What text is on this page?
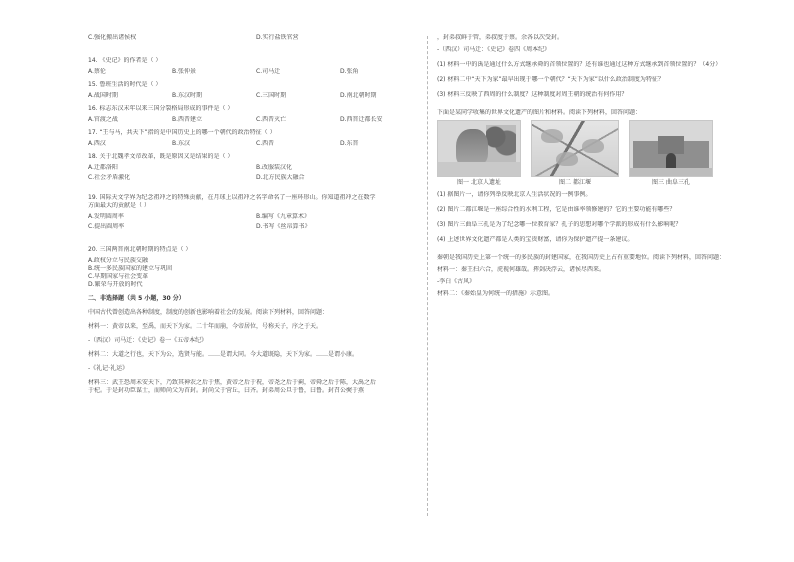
C.强化搬出诸侯权	D.实行盐铁官营
14. 《史记》的作者是（ ）
A.蔡伦	B.张仲景	C.司马迁	D.张角
15. 鲁班生活的时代是（ ）
A.战国时期	B.东汉时期	C.三国时期	D.南北朝时期
16. 标志东汉末年以来三国分裂格局形成的事件是（ ）
A.官渡之战	B.西晋建立	C.西晋灭亡	D.西晋迁都长安
17. “王与马，共天下”指的是中国历史上的哪一个朝代的政治特征（ ）
A.西汉	B.东汉	C.西晋	D.东晋
18. 关于北魏孝文帝改革，既是原因又是结果的是（ ）
A.迁都洛阳	B.改服装汉化
C.社会矛盾激化	D.北方民族大融合
19. 国际天文学界为纪念祖冲之的特殊贡献，在月球上以祖冲之名字命名了一座环形山。你知道祖冲之在数学
方面最大的贡献是（ ）
A.发明圆周率	B.编写《九章算术》
C.提出圆周率	D.书写《丝帛算书》
20. 三国两晋南北朝时期的特点是（ ）
A.政权分立与民族交融
B.统一多民族国家的建立与巩固
C.早期国家与社会变革
D.繁荣与开放的时代
二、非选择题（共 5 小题，30 分）
中国古代曾创造出各种制度，制度的创新也影响着社会的发展。阅读下列材料，回答问题：
材料一：黄帝以来，至禹，而天下为家。二十年而崩，今帝居位，号称天子，序之于天。
-（西汉）司马迁：《史记》卷一《五帝本纪》
材料二：大道之行也，天下为公，选贤与能。……是谓大同。今大道既隐，天下为家。……是谓小康。
-《礼记·礼运》
材料三：武王恐周未安天下，乃致其神农之后于焦，黄帝之后于祝，帝尧之后于蓟，帝舜之后于陈，大禹之后
于杞。于是封功臣谋士，而师尚父为首封。封尚父于营丘，曰齐。封弟周公旦于鲁，曰鲁。封召公奭于燕
，封弟叔鲜于管，弟叔度于蔡。余各以次受封。
-（西汉）司马迁：《史记》卷四《周本纪》
(1) 材料一中的禹是通过什么方式继承舜的首领位置的？还有谁也通过这种方式继承到首领位置的？（4分）
(2) 材料二中“天下为家”最早出现于哪一个朝代？“天下为家”以什么政治制度为特征？
(3) 材料三反映了西周的什么制度？这种制度对周王朝的统治有何作用？
下面是某同学收集的世界文化遗产的图片和材料。阅读下列材料，回答问题：
图一 北京人遗址	图二 都江堰	图三 曲阜三孔
(1) 据图片一，请你列举反映北京人生活状况的一例事例。
(2) 图片二都江堰是一座综合性的水利工程，它是由谁率领修建的？它的主要功能有哪些？
(3) 图片三曲阜三孔是为了纪念哪一位教育家？孔子的思想对哪个学派的形成有什么影响呢？
(4) 上述世界文化遗产都是人类的宝贵财富，请你为保护遗产提一条建议。
秦朝是我国历史上第一个统一的多民族的封建国家，在我国历史上占有重要地位。阅读下列材料，回答问题：
材料一：秦王扫六合，虎视何雄哉。挥剑决浮云，诸侯尽西来。
-李白《古风》
材料二：《秦始皇为何统一的措施》示意图。
